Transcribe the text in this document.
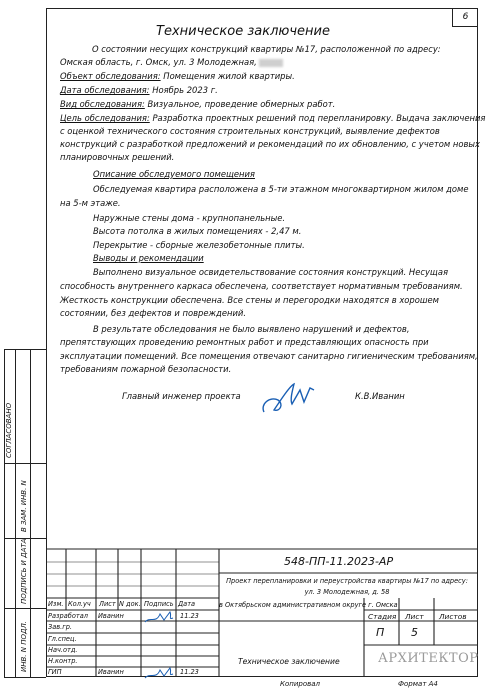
6
Техническое заключение
О состоянии несущих конструкций квартиры №17, расположенной по адресу:
Омская область, г. Омск, ул. 3 Молодежная,
Объект обследования: Помещения жилой квартиры.
Дата обследования: Ноябрь 2023 г.
Вид обследования: Визуальное, проведение обмерных работ.
Цель обследования: Разработка проектных решений под перепланировку. Выдача заключения
с оценкой технического состояния строительных конструкций, выявление дефектов
конструкций с разработкой предложений и рекомендаций по их обновлению, с учетом новых
планировочных решений.
Описание обследуемого помещения
Обследуемая квартира расположена в 5-ти этажном многоквартирном жилом доме
на 5-м этаже.
Наружные стены дома - крупнопанельные.
Высота потолка в жилых помещениях - 2,47 м.
Перекрытие - сборные железобетонные плиты.
Выводы и рекомендации
Выполнено визуальное освидетельствование состояния конструкций. Несущая
способность внутреннего каркаса обеспечена, соответствует нормативным требованиям.
Жесткость конструкции обеспечена. Все стены и перегородки находятся в хорошем
состоянии, без дефектов и повреждений.
В результате обследования не было выявлено нарушений и дефектов,
препятствующих проведению ремонтных работ и представляющих опасность при
эксплуатации помещений. Все помещения отвечают санитарно гигиеническим требованиям,
требованиям пожарной безопасности.
Главный инженер проекта	К.В.Иванин
СОГЛАСОВАНО
В ЗАМ. ИНВ. N
ПОДПИСЬ И ДАТА
ИНВ. N ПОДЛ.
548-ПП-11.2023-АР
Проект перепланировки и переустройства квартиры №17 по адресу:
ул. 3 Молодежная, д. 58
в Октябрьском административном округе г. Омска
Изм. Кол.уч Лист N док. Подпись Дата
Разработал Иванин	11.23
Зав.гр.
Гл.спец.
Нач.отд.
Н.контр.
ГИП	Иванин	11.23
Стадия Лист Листов
П 5
Техническое заключение	АРХИТЕКТОР
Копировал	Формат А4
